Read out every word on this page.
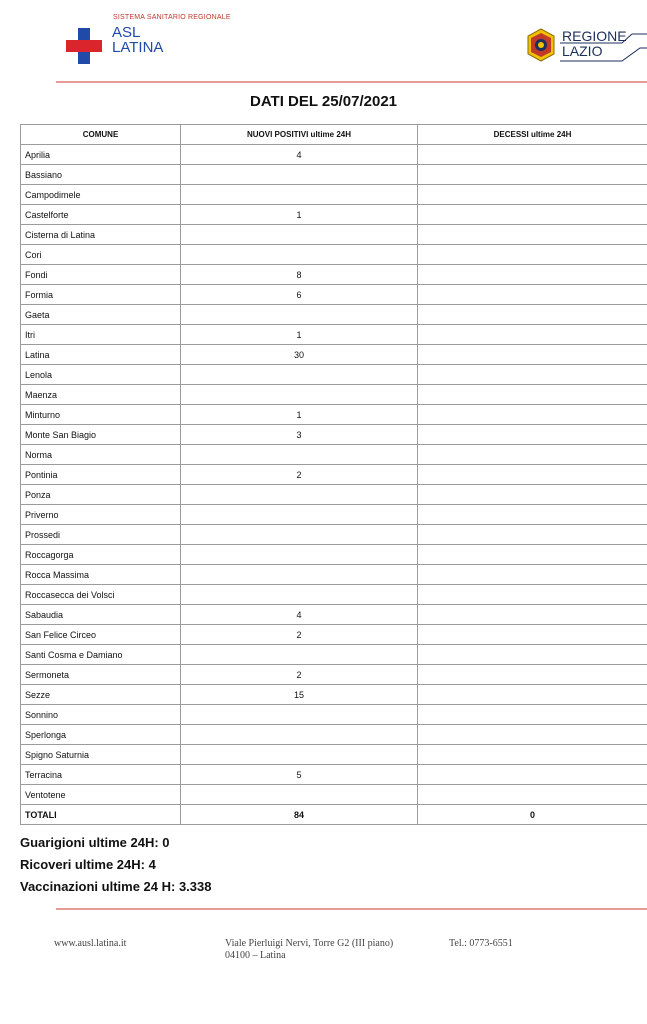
SISTEMA SANITARIO REGIONALE
ASL
LATINA
REGIONE
LAZIO
DATI DEL 25/07/2021
COMUNE	NUOVI POSITIVI ultime 24H	DECESSI ultime 24H
Aprilia	4	
Bassiano		
Campodimele		
Castelforte	1	
Cisterna di Latina		
Cori		
Fondi	8	
Formia	6	
Gaeta		
Itri	1	
Latina	30	
Lenola		
Maenza		
Minturno	1	
Monte San Biagio	3	
Norma		
Pontinia	2	
Ponza		
Priverno		
Prossedi		
Roccagorga		
Rocca Massima		
Roccasecca dei Volsci		
Sabaudia	4	
San Felice Circeo	2	
Santi Cosma e Damiano		
Sermoneta	2	
Sezze	15	
Sonnino		
Sperlonga		
Spigno Saturnia		
Terracina	5	
Ventotene		
TOTALI	84	0
Guarigioni ultime 24H: 0
Ricoveri ultime 24H: 4
Vaccinazioni ultime 24 H: 3.338
www.ausl.latina.it	Viale Pierluigi Nervi, Torre G2 (III piano)
04100 – Latina
Tel.: 0773-6551
